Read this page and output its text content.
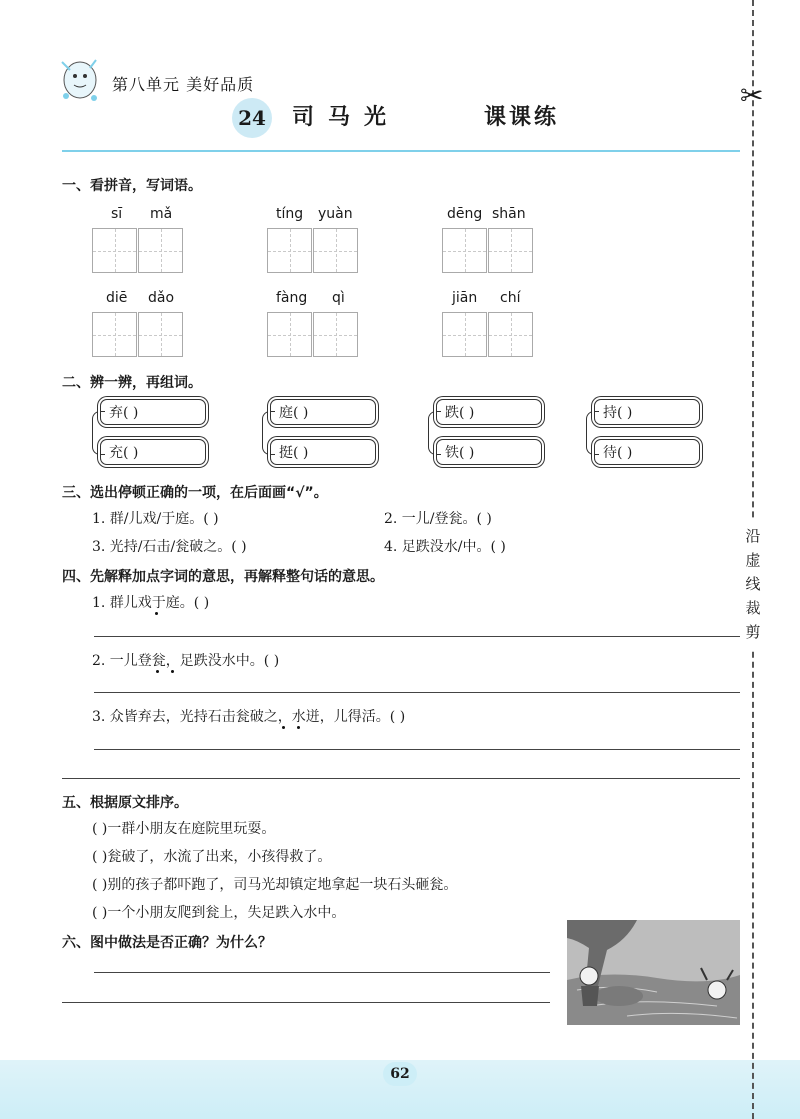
✂
沿虚线裁剪
第八单元 美好品质
24 司马光	课课练
一、看拼音，写词语。
sī mǎ	tíng yuàn	dēng shān
diē dǎo	fàng qì	jiān chí
二、辨一辨，再组词。
弃( )
充( )
庭( )
挺( )
跌( )
铁( )
持( )
待( )
三、选出停顿正确的一项，在后面画“√”。
1. 群/儿戏/于庭。( )	2. 一儿/登瓮。( )
3. 光持/石击/瓮破之。( )	4. 足跌没水/中。( )
四、先解释加点字词的意思，再解释整句话的意思。
1. 群儿戏于庭。( )
2. 一儿登瓮，足跌没水中。( )
3. 众皆弃去，光持石击瓮破之，水迸，儿得活。( )
五、根据原文排序。
( )一群小朋友在庭院里玩耍。
( )瓮破了，水流了出来，小孩得救了。
( )别的孩子都吓跑了，司马光却镇定地拿起一块石头砸瓮。
( )一个小朋友爬到瓮上，失足跌入水中。
六、图中做法是否正确？为什么？
62
